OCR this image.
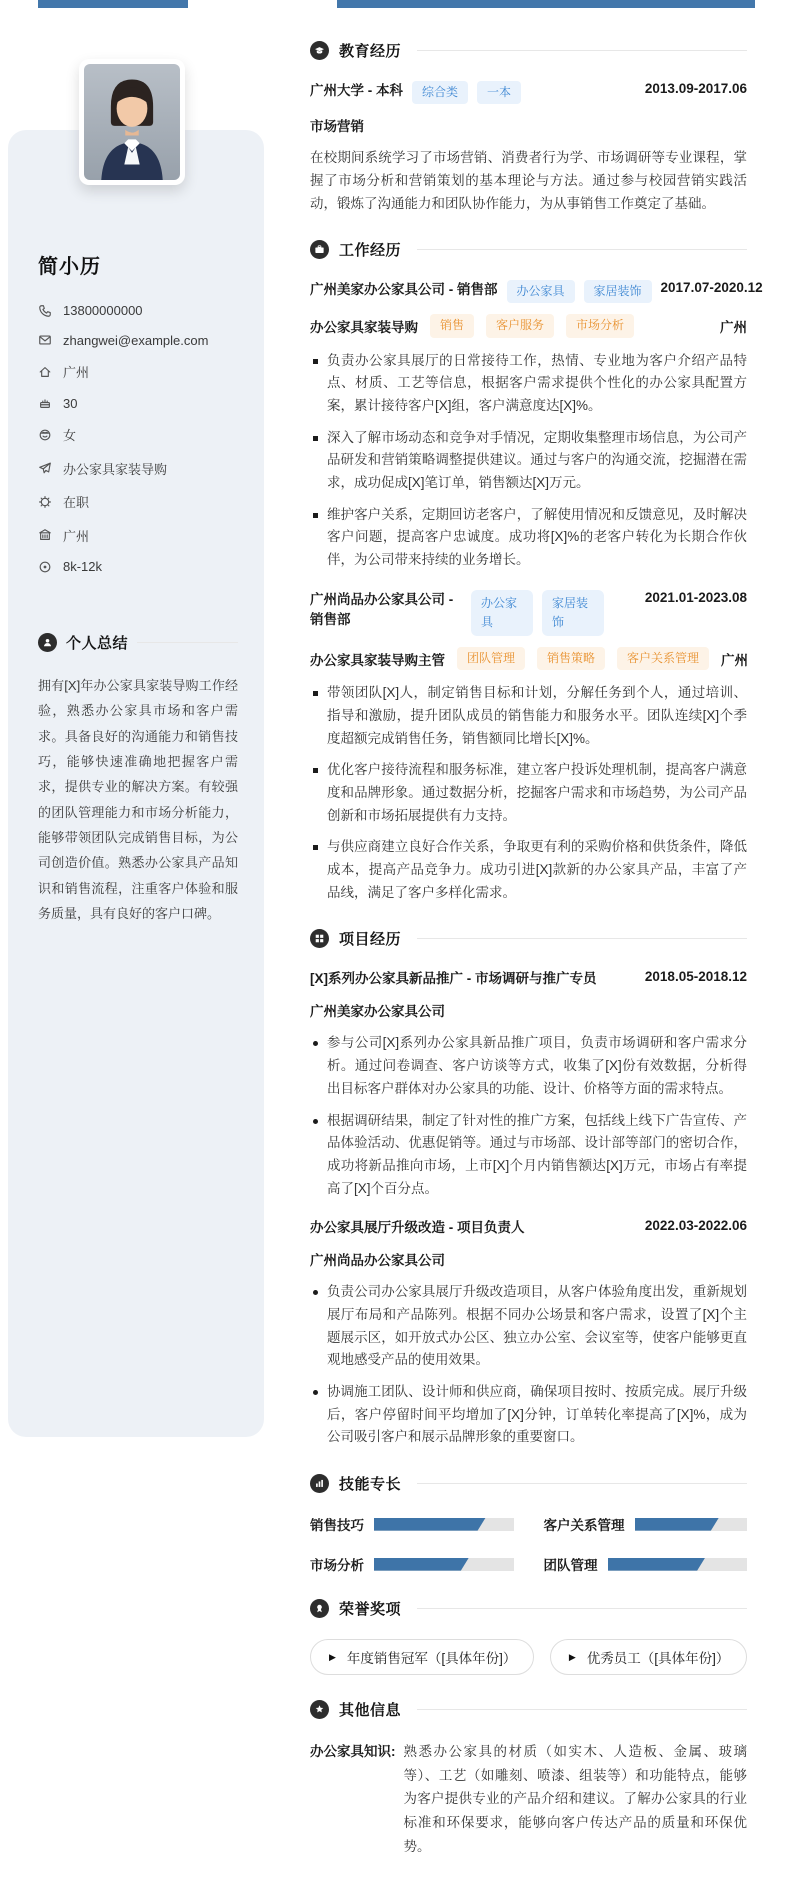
简小历
13800000000
zhangwei@example.com
广州
30
女
办公家具家装导购
在职
广州
8k-12k
个人总结

拥有[X]年办公家具家装导购工作经验，熟悉办公家具市场和客户需求。具备良好的沟通能力和销售技巧，能够快速准确地把握客户需求，提供专业的解决方案。有较强的团队管理能力和市场分析能力，能够带领团队完成销售目标，为公司创造价值。熟悉办公家具产品知识和销售流程，注重客户体验和服务质量，具有良好的客户口碑。

教育经历
广州大学 - 本科	综合类	一本	2013.09-2017.06
市场营销

在校期间系统学习了市场营销、消费者行为学、市场调研等专业课程，掌握了市场分析和营销策划的基本理论与方法。通过参与校园营销实践活动，锻炼了沟通能力和团队协作能力，为从事销售工作奠定了基础。

工作经历
广州美家办公家具公司 - 销售部	办公家具	家居装饰	2017.07-2020.12
办公家具家装导购	销售	客户服务	市场分析	广州

负责办公家具展厅的日常接待工作，热情、专业地为客户介绍产品特点、材质、工艺等信息，根据客户需求提供个性化的办公家具配置方案，累计接待客户[X]组，客户满意度达[X]%。

深入了解市场动态和竞争对手情况，定期收集整理市场信息，为公司产品研发和营销策略调整提供建议。通过与客户的沟通交流，挖掘潜在需求，成功促成[X]笔订单，销售额达[X]万元。

维护客户关系，定期回访老客户，了解使用情况和反馈意见，及时解决客户问题，提高客户忠诚度。成功将[X]%的老客户转化为长期合作伙伴，为公司带来持续的业务增长。

广州尚品办公家具公司 - 销售部
办公家具
家居装饰
2021.01-2023.08
办公家具家装导购主管	团队管理	销售策略	客户关系管理	广州

带领团队[X]人，制定销售目标和计划，分解任务到个人，通过培训、指导和激励，提升团队成员的销售能力和服务水平。团队连续[X]个季度超额完成销售任务，销售额同比增长[X]%。

优化客户接待流程和服务标准，建立客户投诉处理机制，提高客户满意度和品牌形象。通过数据分析，挖掘客户需求和市场趋势，为公司产品创新和市场拓展提供有力支持。

与供应商建立良好合作关系，争取更有利的采购价格和供货条件，降低成本，提高产品竞争力。成功引进[X]款新的办公家具产品，丰富了产品线，满足了客户多样化需求。

项目经历
[X]系列办公家具新品推广 - 市场调研与推广专员	2018.05-2018.12
广州美家办公家具公司

参与公司[X]系列办公家具新品推广项目，负责市场调研和客户需求分析。通过问卷调查、客户访谈等方式，收集了[X]份有效数据，分析得出目标客户群体对办公家具的功能、设计、价格等方面的需求特点。

根据调研结果，制定了针对性的推广方案，包括线上线下广告宣传、产品体验活动、优惠促销等。通过与市场部、设计部等部门的密切合作，成功将新品推向市场，上市[X]个月内销售额达[X]万元，市场占有率提高了[X]个百分点。

办公家具展厅升级改造 - 项目负责人	2022.03-2022.06
广州尚品办公家具公司

负责公司办公家具展厅升级改造项目，从客户体验角度出发，重新规划展厅布局和产品陈列。根据不同办公场景和客户需求，设置了[X]个主题展示区，如开放式办公区、独立办公室、会议室等，使客户能够更直观地感受产品的使用效果。

协调施工团队、设计师和供应商，确保项目按时、按质完成。展厅升级后，客户停留时间平均增加了[X]分钟，订单转化率提高了[X]%，成为公司吸引客户和展示品牌形象的重要窗口。

技能专长
销售技巧	客户关系管理
市场分析	团队管理
荣誉奖项
▶ 年度销售冠军（[具体年份]）	▶ 优秀员工（[具体年份]）
其他信息
办公家具知识: 熟悉办公家具的材质（如实木、人造板、金属、玻璃等）、工艺（如雕刻、喷漆、组装等）和功能特点，能够为客户提供专业的产品介绍和建议。了解办公家具的行业标准和环保要求，能够向客户传达产品的质量和环保优势。
